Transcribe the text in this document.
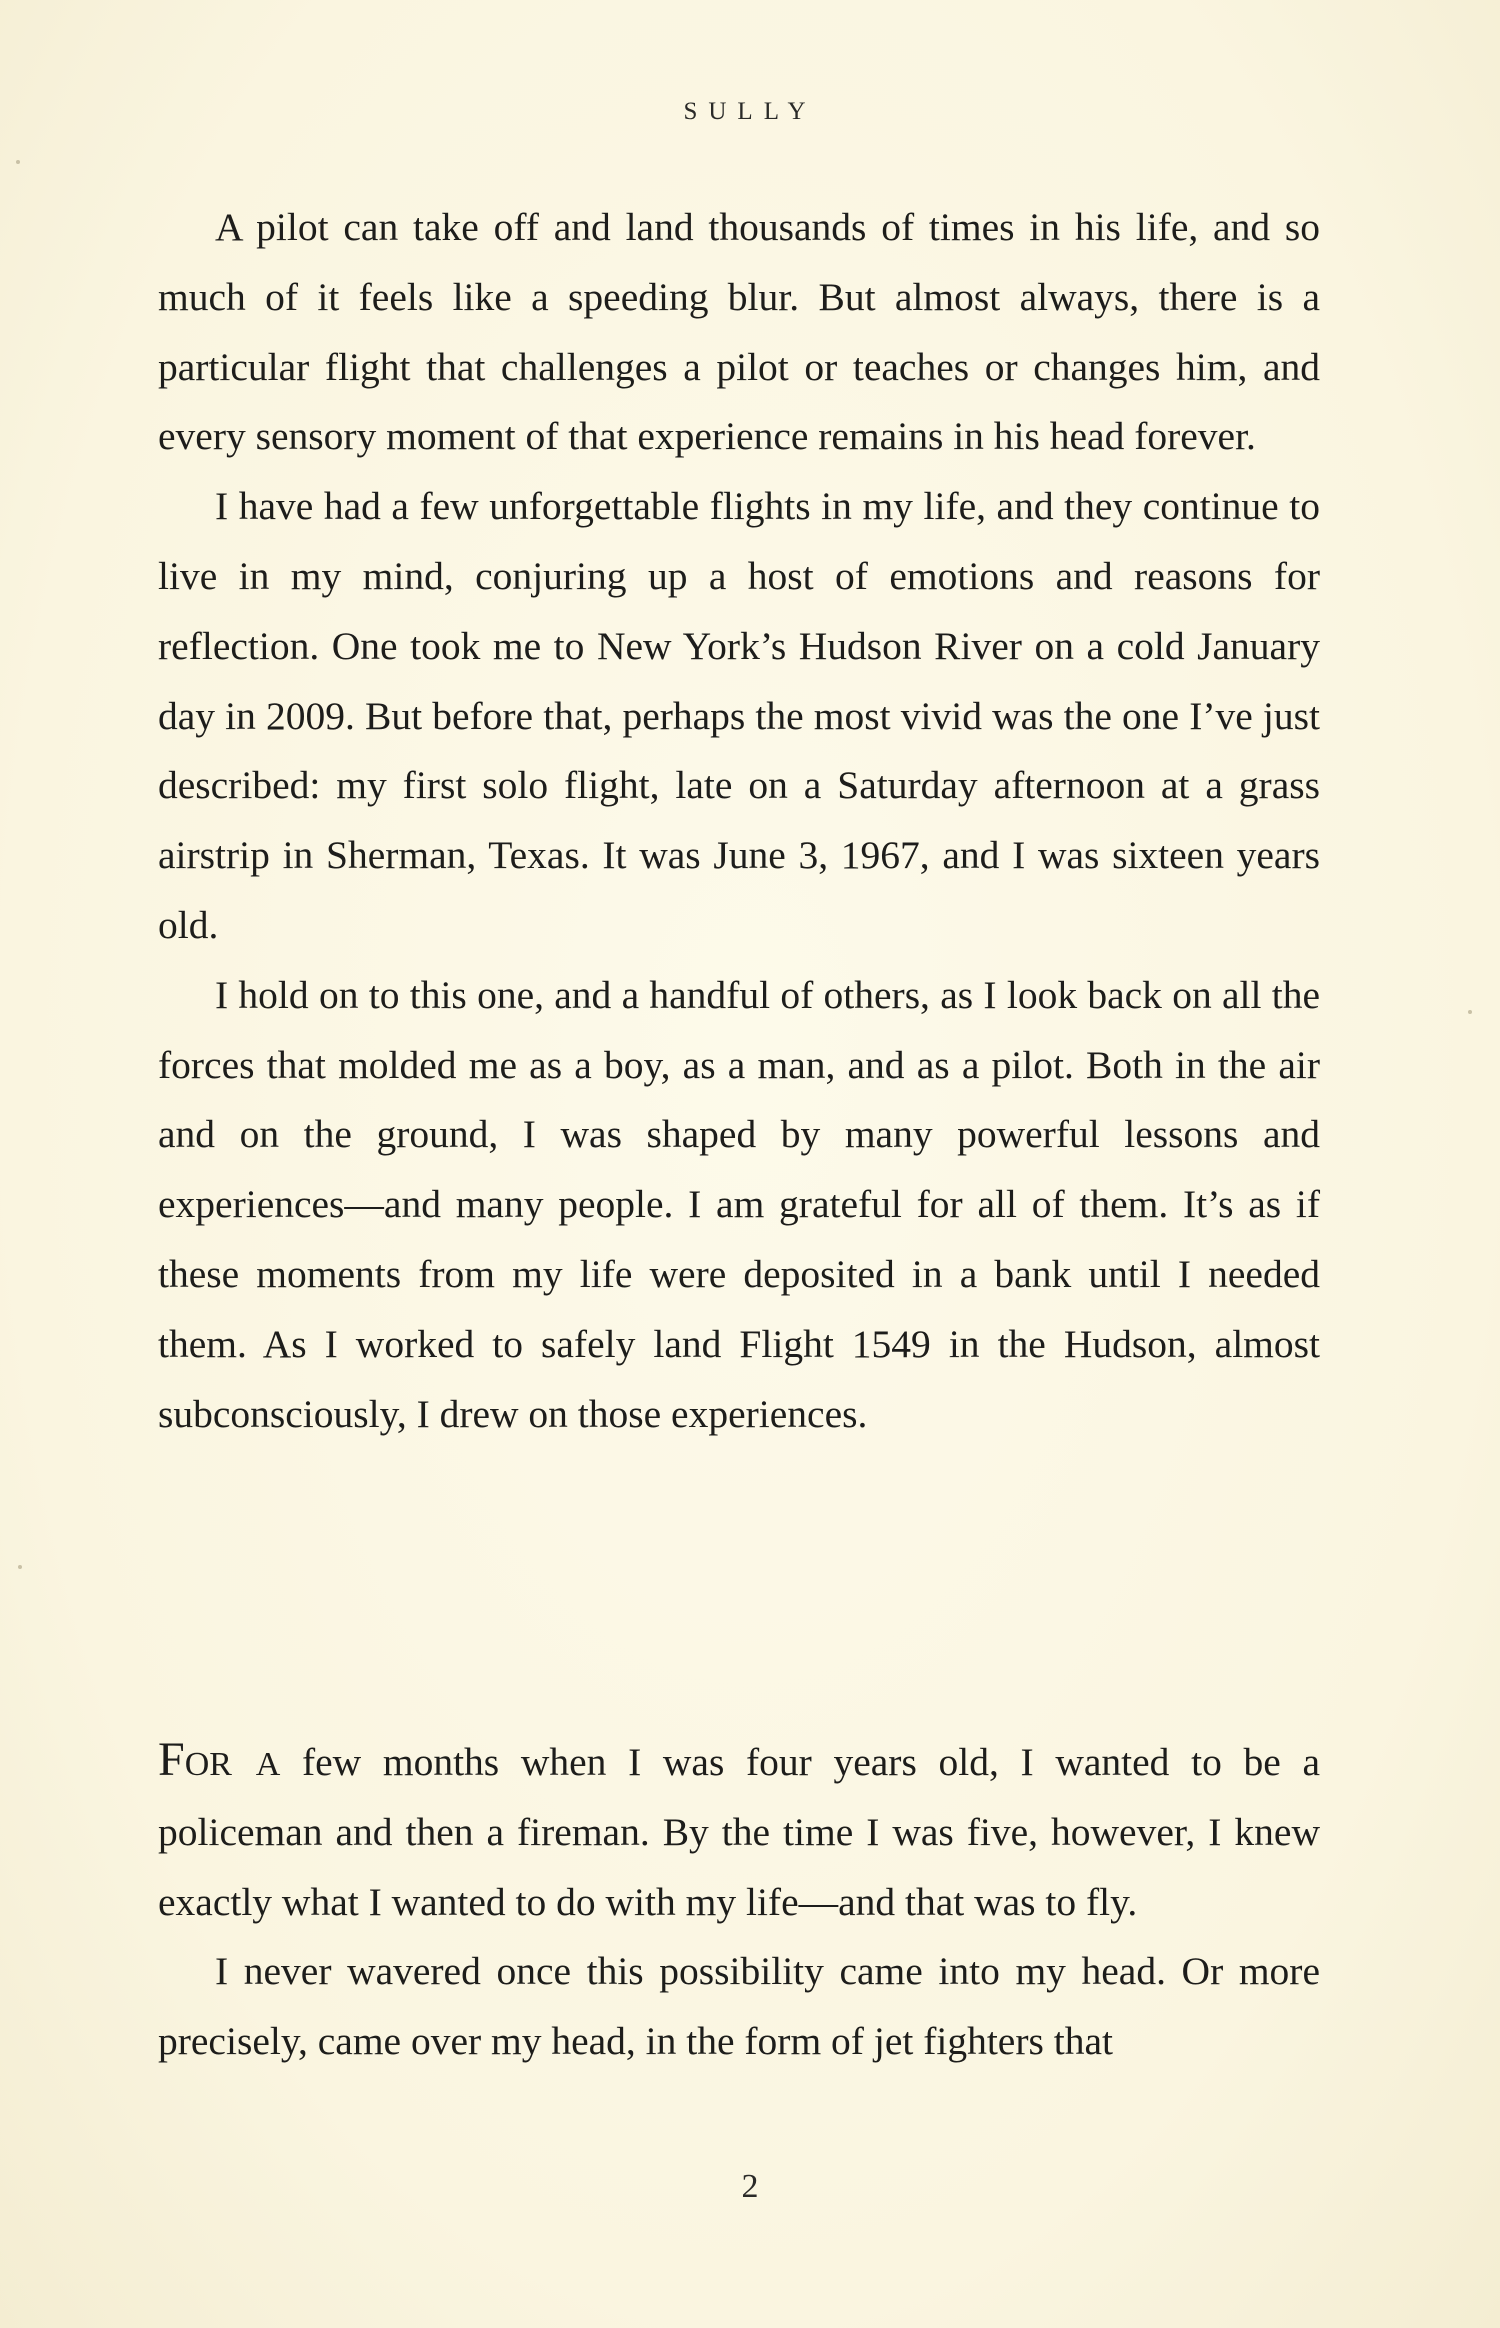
SULLY

A pilot can take off and land thousands of times in his life, and so much of it feels like a speeding blur. But almost always, there is a particular flight that challenges a pilot or teaches or changes him, and every sensory moment of that experience remains in his head forever.

I have had a few unforgettable flights in my life, and they continue to live in my mind, conjuring up a host of emotions and reasons for reflection. One took me to New York’s Hudson River on a cold January day in 2009. But before that, perhaps the most vivid was the one I’ve just described: my first solo flight, late on a Saturday afternoon at a grass airstrip in Sherman, Texas. It was June 3, 1967, and I was sixteen years old.

I hold on to this one, and a handful of others, as I look back on all the forces that molded me as a boy, as a man, and as a pilot. Both in the air and on the ground, I was shaped by many powerful lessons and experiences—and many people. I am grateful for all of them. It’s as if these moments from my life were deposited in a bank until I needed them. As I worked to safely land Flight 1549 in the Hudson, almost subconsciously, I drew on those experiences.

For a few months when I was four years old, I wanted to be a policeman and then a fireman. By the time I was five, however, I knew exactly what I wanted to do with my life—and that was to fly.

I never wavered once this possibility came into my head. Or more precisely, came over my head, in the form of jet fighters that

2
